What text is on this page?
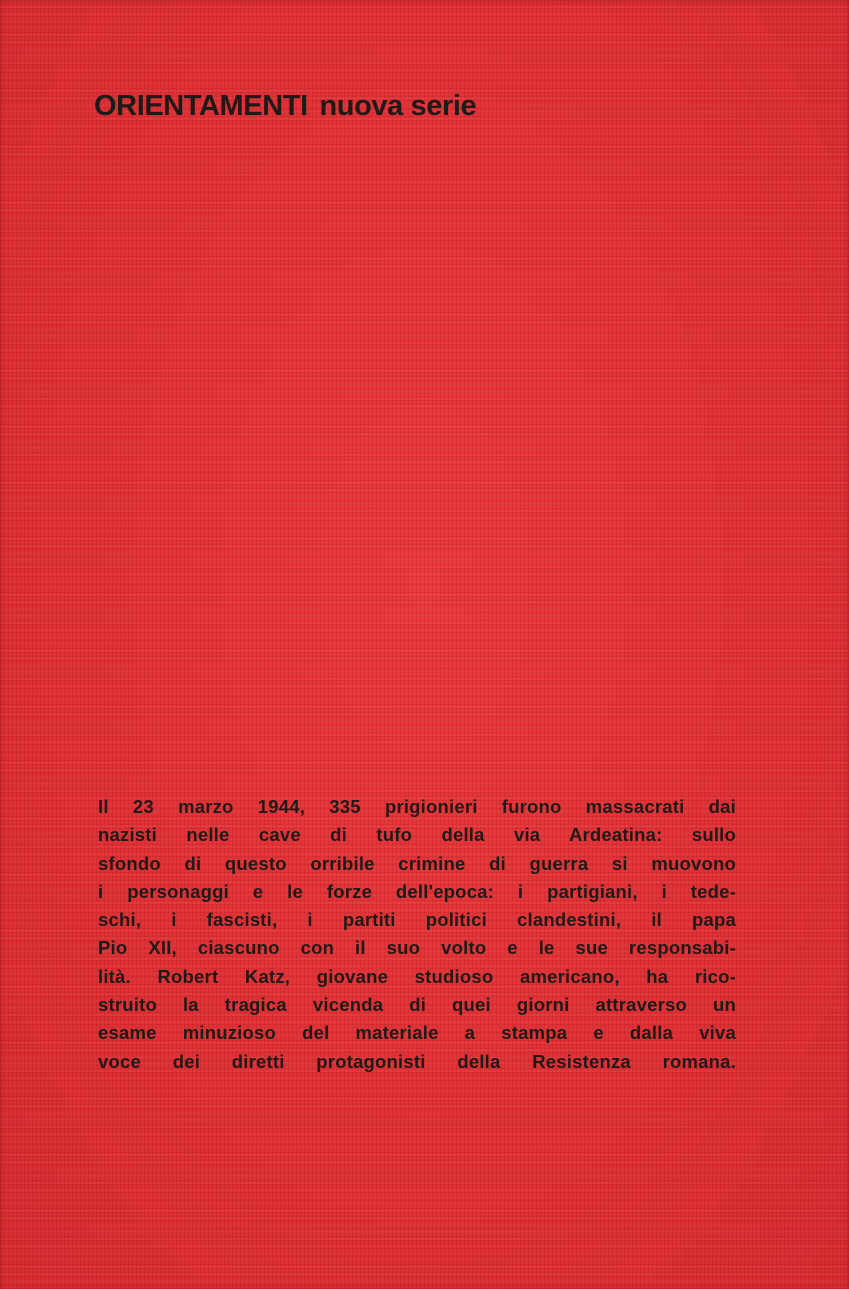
ORIENTAMENTI nuova serie
Il 23 marzo 1944, 335 prigionieri furono massacrati dai
nazisti nelle cave di tufo della via Ardeatina: sullo
sfondo di questo orribile crimine di guerra si muovono
i personaggi e le forze dell'epoca: i partigiani, i tede-
schi, i fascisti, i partiti politici clandestini, il papa
Pio XII, ciascuno con il suo volto e le sue responsabi-
lità. Robert Katz, giovane studioso americano, ha rico-
struito la tragica vicenda di quei giorni attraverso un
esame minuzioso del materiale a stampa e dalla viva
voce dei diretti protagonisti della Resistenza romana.
